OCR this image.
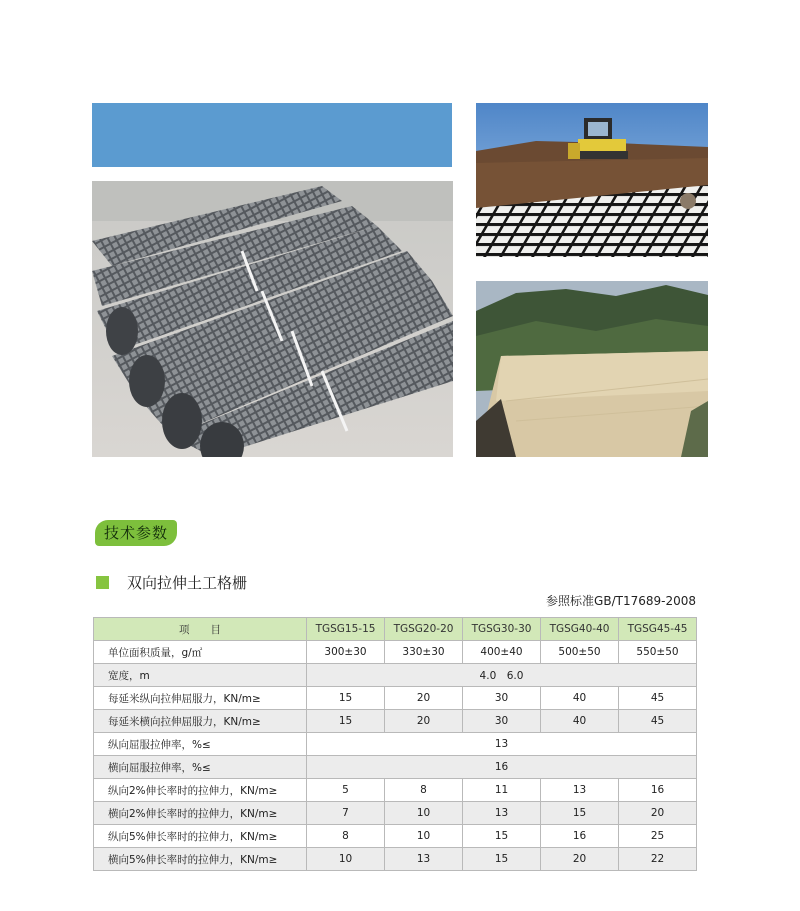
技术参数
双向拉伸土工格栅
参照标准GB/T17689-2008
项　　目	TGSG15-15	TGSG20-20	TGSG30-30	TGSG40-40	TGSG45-45
单位面积质量，g/㎡	300±30	330±30	400±40	500±50	550±50
宽度，m	4.0　6.0				
每延米纵向拉伸屈服力，KN/m≥	15	20	30	40	45
每延米横向拉伸屈服力，KN/m≥	15	20	30	40	45
纵向屈服拉伸率，%≤	13				
横向屈服拉伸率，%≤	16				
纵向2%伸长率时的拉伸力，KN/m≥	5	8	11	13	16
横向2%伸长率时的拉伸力，KN/m≥	7	10	13	15	20
纵向5%伸长率时的拉伸力，KN/m≥	8	10	15	16	25
横向5%伸长率时的拉伸力，KN/m≥	10	13	15	20	22
